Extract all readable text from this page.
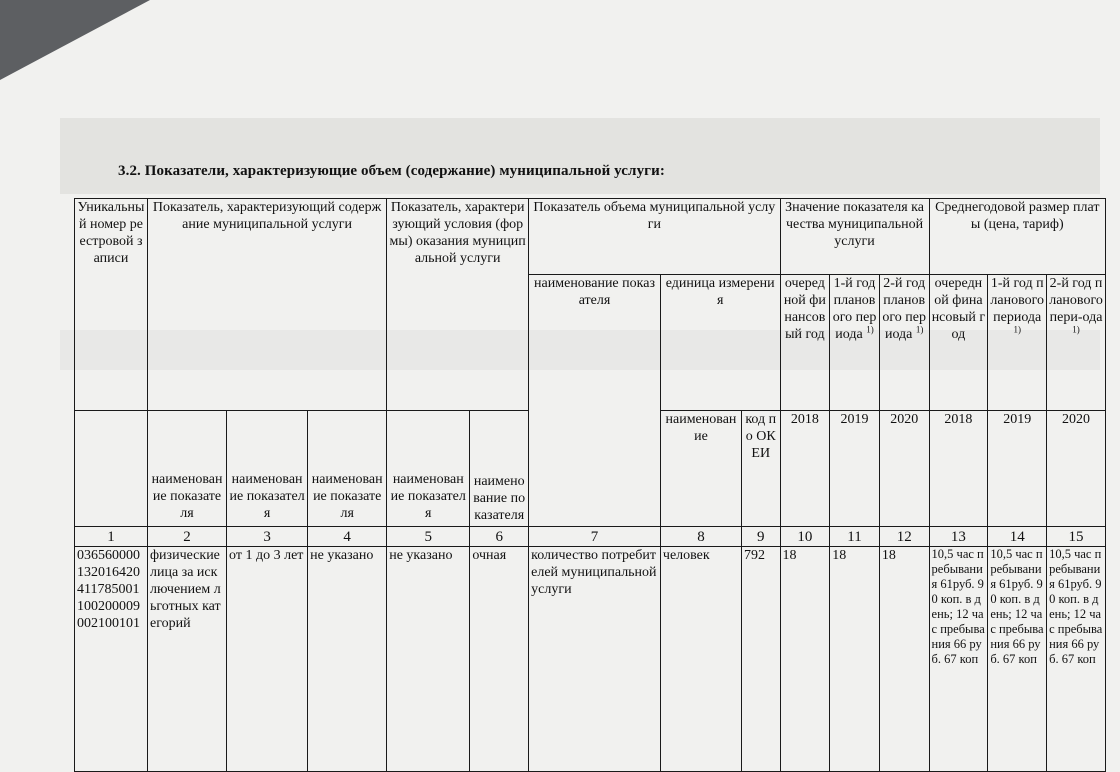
3.2. Показатели, характеризующие объем (содержание) муниципальной услуги:
Уникальный номер реестровой записи	Показатель, характеризующий содержание муниципальной услуги			Показатель, характеризующий условия (формы) оказания муниципальной услуги		Показатель объема муниципальной услуги			Значение показателя качества муниципальной услуги			Среднегодовой размер платы (цена, тариф)		
						наименование показателя	единица измерения		очередной финансовый год	1-й год планового периода $^{1)}$	2-й год планового периода $^{1)}$	очередной финансовый год	1-й год планового периода $^{1)}$	2-й год планового пери-ода $^{1)}$
	наименование показателя	наименование показателя	наименование показателя	наименование показателя	наименование показателя		наименование	код по ОКЕИ	2018	2019	2020	2018	2019	2020
1	2	3	4	5	6	7	8	9	10	11	12	13	14	15
036560000132016420411785001100200009002100101	физические лица за исключением льготных категорий	от 1 до 3 лет	не указано	не указано	очная	количество потребителей муниципальной услуги	человек	792	18	18	18	10,5 час пребывания 61руб. 90 коп. в день; 12 час пребывания 66 руб. 67 коп	10,5 час пребывания 61руб. 90 коп. в день; 12 час пребывания 66 руб. 67 коп	10,5 час пребывания 61руб. 90 коп. в день; 12 час пребывания 66 руб. 67 коп
